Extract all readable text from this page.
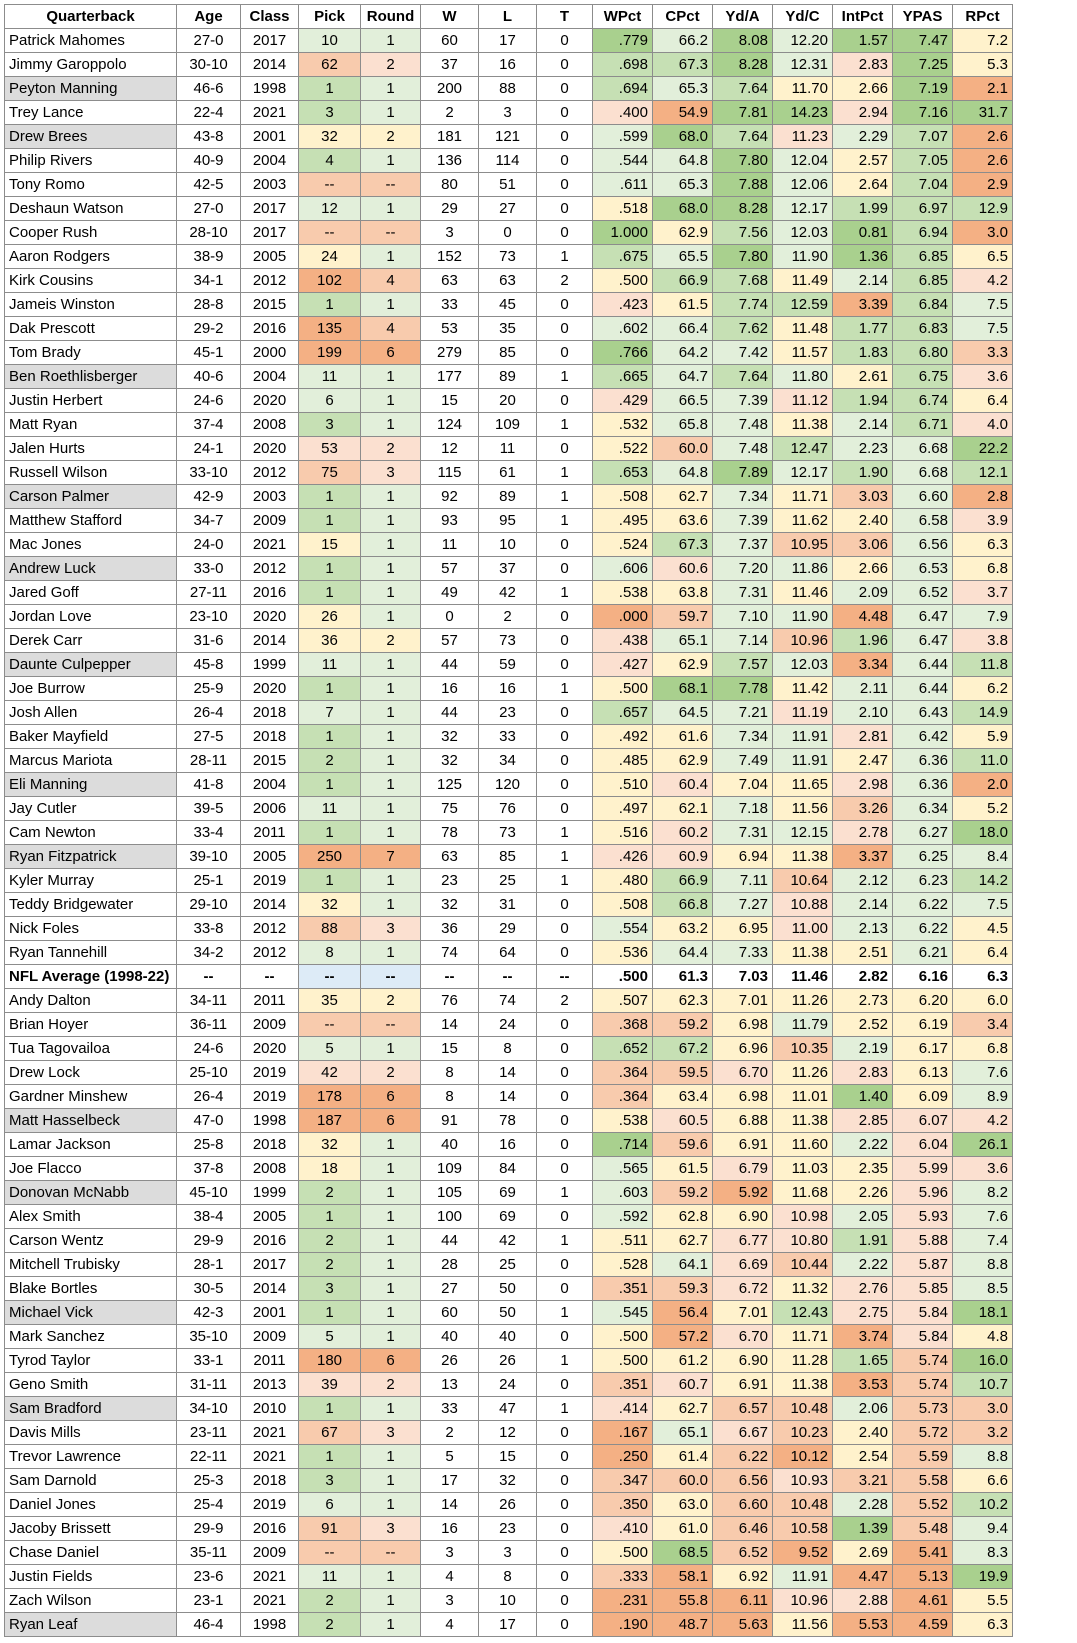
Quarterback	Age	Class	Pick	Round	W	L	T	WPct	CPct	Yd/A	Yd/C	IntPct	YPAS	RPct
Patrick Mahomes	27-0	2017	10	1	60	17	0	.779	66.2	8.08	12.20	1.57	7.47	7.2
Jimmy Garoppolo	30-10	2014	62	2	37	16	0	.698	67.3	8.28	12.31	2.83	7.25	5.3
Peyton Manning	46-6	1998	1	1	200	88	0	.694	65.3	7.64	11.70	2.66	7.19	2.1
Trey Lance	22-4	2021	3	1	2	3	0	.400	54.9	7.81	14.23	2.94	7.16	31.7
Drew Brees	43-8	2001	32	2	181	121	0	.599	68.0	7.64	11.23	2.29	7.07	2.6
Philip Rivers	40-9	2004	4	1	136	114	0	.544	64.8	7.80	12.04	2.57	7.05	2.6
Tony Romo	42-5	2003	--	--	80	51	0	.611	65.3	7.88	12.06	2.64	7.04	2.9
Deshaun Watson	27-0	2017	12	1	29	27	0	.518	68.0	8.28	12.17	1.99	6.97	12.9
Cooper Rush	28-10	2017	--	--	3	0	0	1.000	62.9	7.56	12.03	0.81	6.94	3.0
Aaron Rodgers	38-9	2005	24	1	152	73	1	.675	65.5	7.80	11.90	1.36	6.85	6.5
Kirk Cousins	34-1	2012	102	4	63	63	2	.500	66.9	7.68	11.49	2.14	6.85	4.2
Jameis Winston	28-8	2015	1	1	33	45	0	.423	61.5	7.74	12.59	3.39	6.84	7.5
Dak Prescott	29-2	2016	135	4	53	35	0	.602	66.4	7.62	11.48	1.77	6.83	7.5
Tom Brady	45-1	2000	199	6	279	85	0	.766	64.2	7.42	11.57	1.83	6.80	3.3
Ben Roethlisberger	40-6	2004	11	1	177	89	1	.665	64.7	7.64	11.80	2.61	6.75	3.6
Justin Herbert	24-6	2020	6	1	15	20	0	.429	66.5	7.39	11.12	1.94	6.74	6.4
Matt Ryan	37-4	2008	3	1	124	109	1	.532	65.8	7.48	11.38	2.14	6.71	4.0
Jalen Hurts	24-1	2020	53	2	12	11	0	.522	60.0	7.48	12.47	2.23	6.68	22.2
Russell Wilson	33-10	2012	75	3	115	61	1	.653	64.8	7.89	12.17	1.90	6.68	12.1
Carson Palmer	42-9	2003	1	1	92	89	1	.508	62.7	7.34	11.71	3.03	6.60	2.8
Matthew Stafford	34-7	2009	1	1	93	95	1	.495	63.6	7.39	11.62	2.40	6.58	3.9
Mac Jones	24-0	2021	15	1	11	10	0	.524	67.3	7.37	10.95	3.06	6.56	6.3
Andrew Luck	33-0	2012	1	1	57	37	0	.606	60.6	7.20	11.86	2.66	6.53	6.8
Jared Goff	27-11	2016	1	1	49	42	1	.538	63.8	7.31	11.46	2.09	6.52	3.7
Jordan Love	23-10	2020	26	1	0	2	0	.000	59.7	7.10	11.90	4.48	6.47	7.9
Derek Carr	31-6	2014	36	2	57	73	0	.438	65.1	7.14	10.96	1.96	6.47	3.8
Daunte Culpepper	45-8	1999	11	1	44	59	0	.427	62.9	7.57	12.03	3.34	6.44	11.8
Joe Burrow	25-9	2020	1	1	16	16	1	.500	68.1	7.78	11.42	2.11	6.44	6.2
Josh Allen	26-4	2018	7	1	44	23	0	.657	64.5	7.21	11.19	2.10	6.43	14.9
Baker Mayfield	27-5	2018	1	1	32	33	0	.492	61.6	7.34	11.91	2.81	6.42	5.9
Marcus Mariota	28-11	2015	2	1	32	34	0	.485	62.9	7.49	11.91	2.47	6.36	11.0
Eli Manning	41-8	2004	1	1	125	120	0	.510	60.4	7.04	11.65	2.98	6.36	2.0
Jay Cutler	39-5	2006	11	1	75	76	0	.497	62.1	7.18	11.56	3.26	6.34	5.2
Cam Newton	33-4	2011	1	1	78	73	1	.516	60.2	7.31	12.15	2.78	6.27	18.0
Ryan Fitzpatrick	39-10	2005	250	7	63	85	1	.426	60.9	6.94	11.38	3.37	6.25	8.4
Kyler Murray	25-1	2019	1	1	23	25	1	.480	66.9	7.11	10.64	2.12	6.23	14.2
Teddy Bridgewater	29-10	2014	32	1	32	31	0	.508	66.8	7.27	10.88	2.14	6.22	7.5
Nick Foles	33-8	2012	88	3	36	29	0	.554	63.2	6.95	11.00	2.13	6.22	4.5
Ryan Tannehill	34-2	2012	8	1	74	64	0	.536	64.4	7.33	11.38	2.51	6.21	6.4
NFL Average (1998-22)	--	--	--	--	--	--	--	.500	61.3	7.03	11.46	2.82	6.16	6.3
Andy Dalton	34-11	2011	35	2	76	74	2	.507	62.3	7.01	11.26	2.73	6.20	6.0
Brian Hoyer	36-11	2009	--	--	14	24	0	.368	59.2	6.98	11.79	2.52	6.19	3.4
Tua Tagovailoa	24-6	2020	5	1	15	8	0	.652	67.2	6.96	10.35	2.19	6.17	6.8
Drew Lock	25-10	2019	42	2	8	14	0	.364	59.5	6.70	11.26	2.83	6.13	7.6
Gardner Minshew	26-4	2019	178	6	8	14	0	.364	63.4	6.98	11.01	1.40	6.09	8.9
Matt Hasselbeck	47-0	1998	187	6	91	78	0	.538	60.5	6.88	11.38	2.85	6.07	4.2
Lamar Jackson	25-8	2018	32	1	40	16	0	.714	59.6	6.91	11.60	2.22	6.04	26.1
Joe Flacco	37-8	2008	18	1	109	84	0	.565	61.5	6.79	11.03	2.35	5.99	3.6
Donovan McNabb	45-10	1999	2	1	105	69	1	.603	59.2	5.92	11.68	2.26	5.96	8.2
Alex Smith	38-4	2005	1	1	100	69	0	.592	62.8	6.90	10.98	2.05	5.93	7.6
Carson Wentz	29-9	2016	2	1	44	42	1	.511	62.7	6.77	10.80	1.91	5.88	7.4
Mitchell Trubisky	28-1	2017	2	1	28	25	0	.528	64.1	6.69	10.44	2.22	5.87	8.8
Blake Bortles	30-5	2014	3	1	27	50	0	.351	59.3	6.72	11.32	2.76	5.85	8.5
Michael Vick	42-3	2001	1	1	60	50	1	.545	56.4	7.01	12.43	2.75	5.84	18.1
Mark Sanchez	35-10	2009	5	1	40	40	0	.500	57.2	6.70	11.71	3.74	5.84	4.8
Tyrod Taylor	33-1	2011	180	6	26	26	1	.500	61.2	6.90	11.28	1.65	5.74	16.0
Geno Smith	31-11	2013	39	2	13	24	0	.351	60.7	6.91	11.38	3.53	5.74	10.7
Sam Bradford	34-10	2010	1	1	33	47	1	.414	62.7	6.57	10.48	2.06	5.73	3.0
Davis Mills	23-11	2021	67	3	2	12	0	.167	65.1	6.67	10.23	2.40	5.72	3.2
Trevor Lawrence	22-11	2021	1	1	5	15	0	.250	61.4	6.22	10.12	2.54	5.59	8.8
Sam Darnold	25-3	2018	3	1	17	32	0	.347	60.0	6.56	10.93	3.21	5.58	6.6
Daniel Jones	25-4	2019	6	1	14	26	0	.350	63.0	6.60	10.48	2.28	5.52	10.2
Jacoby Brissett	29-9	2016	91	3	16	23	0	.410	61.0	6.46	10.58	1.39	5.48	9.4
Chase Daniel	35-11	2009	--	--	3	3	0	.500	68.5	6.52	9.52	2.69	5.41	8.3
Justin Fields	23-6	2021	11	1	4	8	0	.333	58.1	6.92	11.91	4.47	5.13	19.9
Zach Wilson	23-1	2021	2	1	3	10	0	.231	55.8	6.11	10.96	2.88	4.61	5.5
Ryan Leaf	46-4	1998	2	1	4	17	0	.190	48.7	5.63	11.56	5.53	4.59	6.3
